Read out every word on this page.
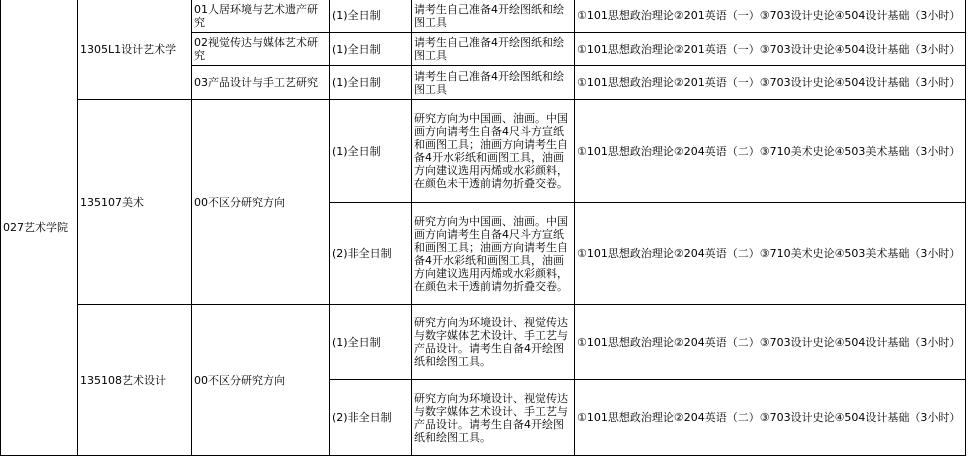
027艺术学院	1305L1设计艺术学	01人居环境与艺术遗产研究	(1)全日制	请考生自己准备4开绘图纸和绘图工具	①101思想政治理论②201英语（一）③703设计史论④504设计基础（3小时）
		02视觉传达与媒体艺术研究	(1)全日制	请考生自己准备4开绘图纸和绘图工具	①101思想政治理论②201英语（一）③703设计史论④504设计基础（3小时）
		03产品设计与手工艺研究	(1)全日制	请考生自己准备4开绘图纸和绘图工具	①101思想政治理论②201英语（一）③703设计史论④504设计基础（3小时）
	135107美术	00不区分研究方向	(1)全日制	研究方向为中国画、油画。中国画方向请考生自备4尺斗方宣纸和画图工具；油画方向请考生自备4开水彩纸和画图工具，油画方向建议选用丙烯或水彩颜料，在颜色未干透前请勿折叠交卷。	①101思想政治理论②204英语（二）③710美术史论④503美术基础（3小时）
			(2)非全日制	研究方向为中国画、油画。中国画方向请考生自备4尺斗方宣纸和画图工具；油画方向请考生自备4开水彩纸和画图工具，油画方向建议选用丙烯或水彩颜料，在颜色未干透前请勿折叠交卷。	①101思想政治理论②204英语（二）③710美术史论④503美术基础（3小时）
	135108艺术设计	00不区分研究方向	(1)全日制	研究方向为环境设计、视觉传达与数字媒体艺术设计、手工艺与产品设计。请考生自备4开绘图纸和绘图工具。	①101思想政治理论②204英语（二）③703设计史论④504设计基础（3小时）
			(2)非全日制	研究方向为环境设计、视觉传达与数字媒体艺术设计、手工艺与产品设计。请考生自备4开绘图纸和绘图工具。	①101思想政治理论②204英语（二）③703设计史论④504设计基础（3小时）
